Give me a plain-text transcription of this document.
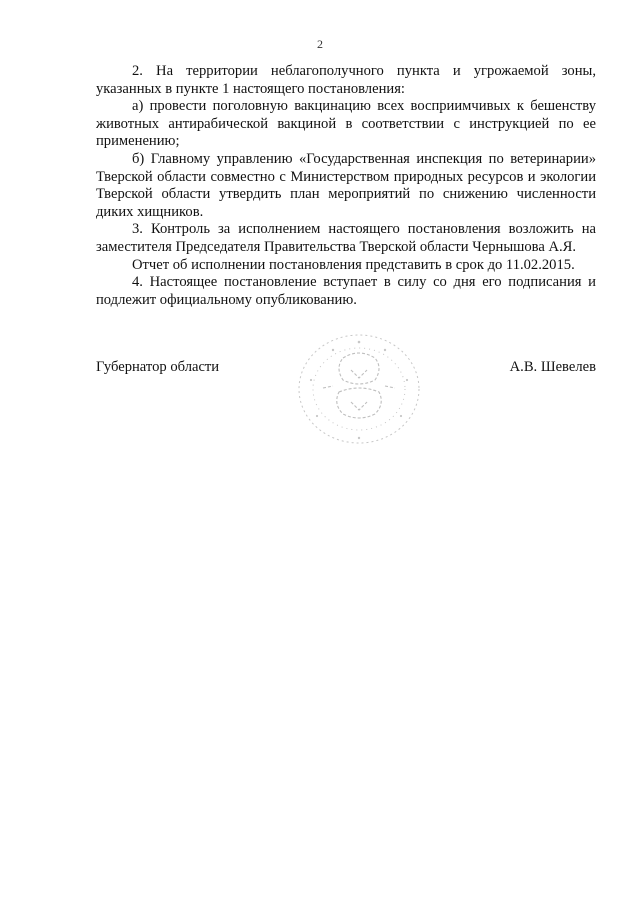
2

2. На территории неблагополучного пункта и угрожаемой зоны, указанных в пункте 1 настоящего постановления:

а) провести поголовную вакцинацию всех восприимчивых к бешенству животных антирабической вакциной в соответствии с инструкцией по ее применению;

б) Главному управлению «Государственная инспекция по ветеринарии» Тверской области совместно с Министерством природных ресурсов и экологии Тверской области утвердить план мероприятий по снижению численности диких хищников.

3. Контроль за исполнением настоящего постановления возложить на заместителя Председателя Правительства Тверской области Чернышова А.Я.

Отчет об исполнении постановления представить в срок до 11.02.2015.

4. Настоящее постановление вступает в силу со дня его подписания и подлежит официальному опубликованию.

Губернатор области	А.В. Шевелев
